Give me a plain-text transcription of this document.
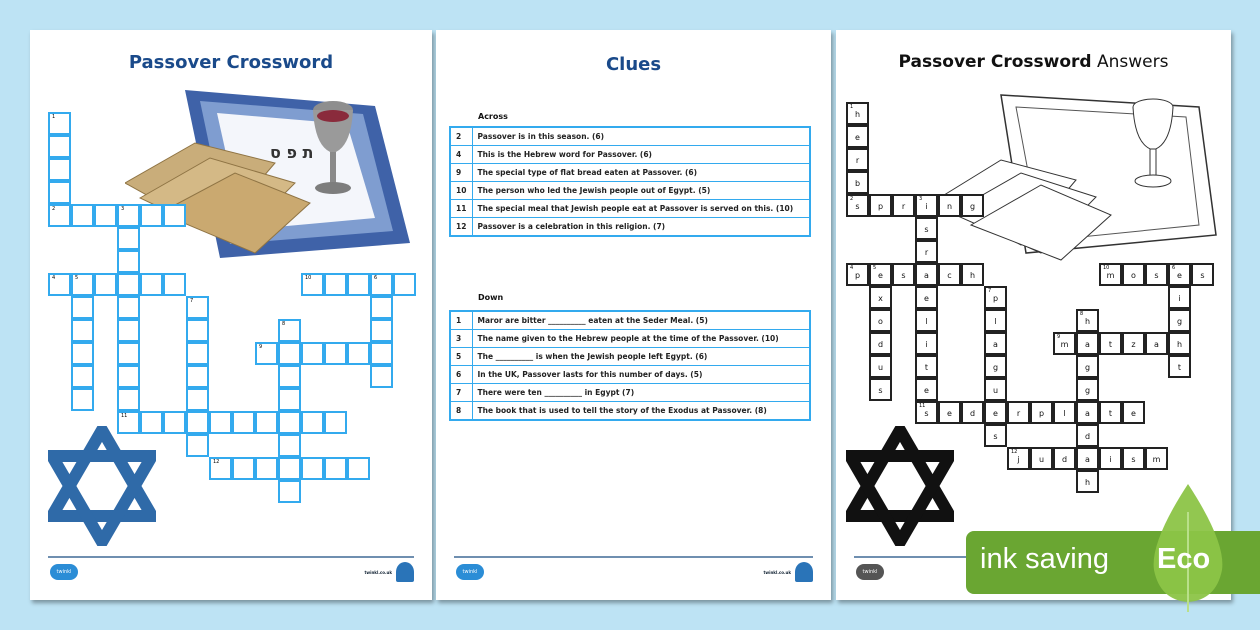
Passover Crossword
ת פ ס
1
2	3
4	5
11
7
12
8
9
10	6
twinkl	twinkl.co.uk
Clues
Across
2	Passover is in this season. (6)
4	This is the Hebrew word for Passover. (6)
9	The special type of flat bread eaten at Passover. (6)
10	The person who led the Jewish people out of Egypt. (5)
11	The special meal that Jewish people eat at Passover is served on this. (10)
12	Passover is a celebration in this religion. (7)
Down
1	Maror are bitter __________ eaten at the Seder Meal. (5)
3	The name given to the Hebrew people at the time of the Passover. (10)
5	The __________ is when the Jewish people left Egypt. (6)
6	In the UK, Passover lasts for this number of days. (5)
7	There were ten __________ in Egypt (7)
8	The book that is used to tell the story of the Exodus at Passover. (8)
twinkl	twinkl.co.uk
Passover Crossword Answers
1
h
e
r
b
2
s	p	r
3
i	n	g
s
r
4
p
5
e	s	a	c	h
x
o
d
u
s
e
l
i
t
e
11
s	e	d	e	r	p	l	a	t	e
7
p
l
a
g
u
s
12
j	u	d	a	i	s	m
8
h
a
g
g
d
h
9
m	t	z	a	h
10
m	o	s
6
e	s
i
g
t
twinkl	ink saving Eco
